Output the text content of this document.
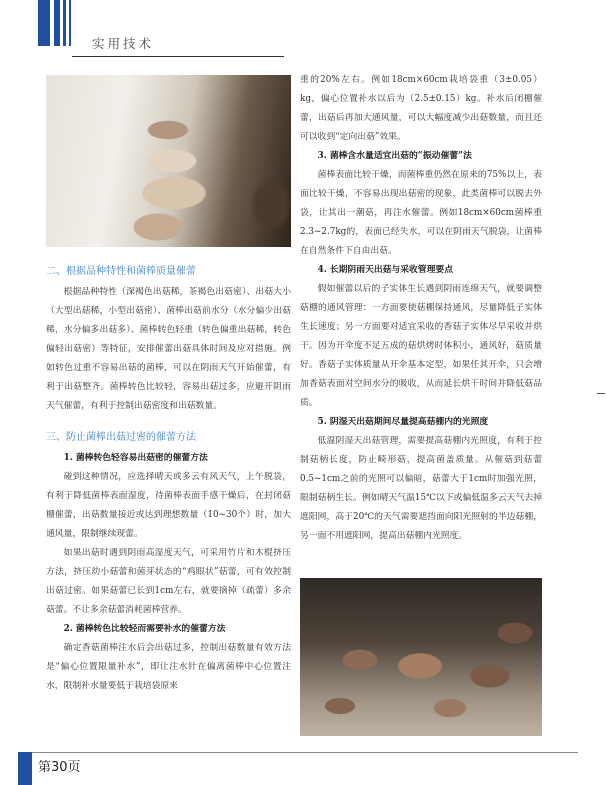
实用技术
二、根据品种特性和菌棒质量催蕾
根据品种特性（深褐色出菇稀，茶褐色出菇密）、出菇大小（大型出菇稀，小型出菇密）、菌棒出菇前水分（水分偏少出菇稀，水分偏多出菇多）、菌棒转色轻重（转色偏重出菇稀，转色偏轻出菇密）等特征，安排催蕾出菇具体时间及应对措施。例如转色过重不容易出菇的菌棒，可以在阴雨天气开始催蕾，有利于出菇整齐。菌棒转色比较轻，容易出菇过多，应避开阴雨天气催蕾，有利于控制出菇密度和出菇数量。
三、防止菌棒出菇过密的催蕾方法
1. 菌棒转色轻容易出菇密的催蕾方法
碰到这种情况，应选择晴天或多云有风天气，上午脱袋，有利于降低菌棒表面湿度，待菌棒表面手感干燥后，在封闭菇棚催蕾，出菇数量接近或达到理想数量（10~30个）时，加大通风量，限制继续现蕾。
如果出菇时遇到阴雨高湿度天气，可采用竹片和木棍挤压方法，挤压幼小菇蕾和菌芽状态的“鸡眼状”菇蕾，可有效控制出菇过密。如果菇蕾已长到1cm左右，就要摘掉（疏蕾）多余菇蕾。不让多余菇蕾消耗菌棒营养。
2. 菌棒转色比较轻而需要补水的催蕾方法
确定香菇菌棒注水后会出菇过多，控制出菇数量有效方法是“偏心位置限量补水”，即让注水针在偏离菌棒中心位置注水，限制补水量要低于栽培袋原来
重的20%左右。例如18cm×60cm栽培袋重（3±0.05）kg，偏心位置补水以后为（2.5±0.15）kg。补水后闭棚催蕾，出菇后再加大通风量，可以大幅度减少出菇数量，而且还可以收到“定向出菇”效果。
3. 菌棒含水量适宜出菇的“振动催蕾”法
菌棒表面比较干燥，而菌棒重仍然在原来的75%以上，表面比较干燥，不容易出现出菇密的现象，此类菌棒可以脱去外袋，让其出一潮菇，再注水催蕾。例如18cm×60cm菌棒重2.3~2.7kg的，表面已经失水，可以在阴雨天气脱袋，让菌棒在自然条件下自由出菇。
4. 长期阴雨天出菇与采收管理要点
假如催蕾以后的子实体生长遇到阴雨连绵天气，就要调整菇棚的通风管理：一方面要使菇棚保持通风，尽量降低子实体生长速度；另一方面要对适宜采收的香菇子实体尽早采收并烘干。因为开伞度不足五成的菇烘烤时体积小，通风好，菇质量好。香菇子实体质量从开伞基本定型，如果任其开伞，只会增加香菇表面对空间水分的吸收，从而延长烘干时间并降低菇品质。
5. 阴湿天出菇期间尽量提高菇棚内的光照度
低温阴湿天出菇管理，需要提高菇棚内光照度，有利于控制菇柄长度，防止畸形菇，提高菌盖质量。从催菇到菇蕾0.5~1cm之前的光照可以偏暗，菇蕾大于1cm时加强光照，限制菇柄生长。例如晴天气温15℃以下或偏低温多云天气去掉遮阳网，高于20℃的天气需要遮挡面向阳光照射的半边菇棚，另一面不用遮阳网，提高出菇棚内光照度。
第30页
